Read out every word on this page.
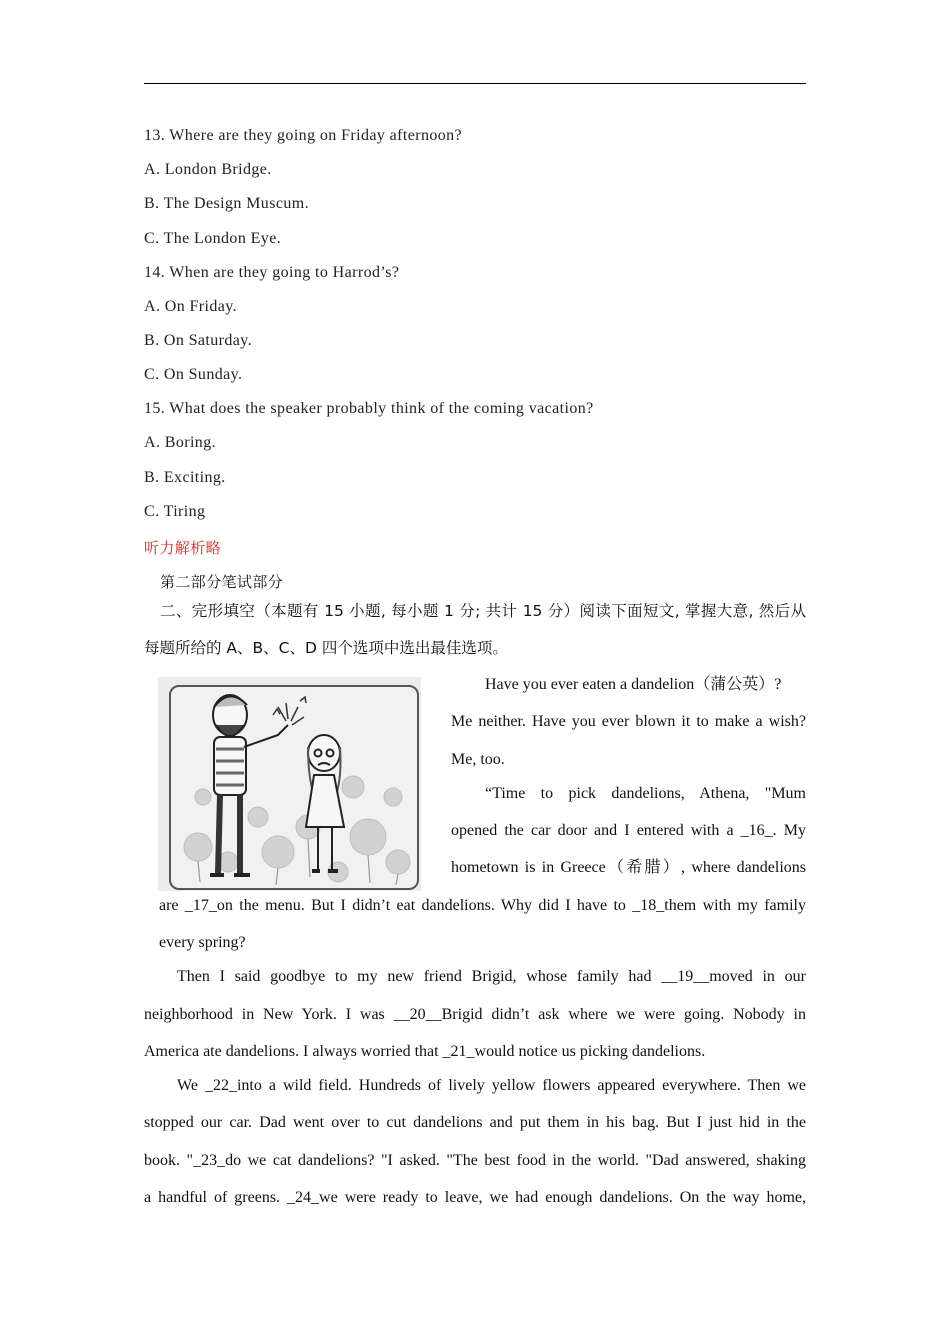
13. Where are they going on Friday afternoon?
A. London Bridge.
B. The Design Muscum.
C. The London Eye.
14. When are they going to Harrod’s?
A. On Friday.
B. On Saturday.
C. On Sunday.
15. What does the speaker probably think of the coming vacation?
A. Boring.
B. Exciting.
C. Tiring
听力解析略
第二部分笔试部分
二、完形填空（本题有 15 小题, 每小题 1 分; 共计 15 分）阅读下面短文, 掌握大意, 然后从
每题所给的 A、B、C、D 四个选项中选出最佳选项。
Have you ever eaten a dandelion（蒲公英）?
Me neither. Have you ever blown it to make a wish?
Me, too.
“Time to pick dandelions, Athena, "Mum
opened the car door and I entered with a _16_. My
hometown is in Greece（希腊）, where dandelions
are _17_on the menu. But I didn’t eat dandelions. Why did I have to _18_them with my family
every spring?
Then I said goodbye to my new friend Brigid, whose family had __19__moved in our
neighborhood in New York. I was __20__Brigid didn’t ask where we were going. Nobody in
America ate dandelions. I always worried that _21_would notice us picking dandelions.
We _22_into a wild field. Hundreds of lively yellow flowers appeared everywhere. Then we
stopped our car. Dad went over to cut dandelions and put them in his bag. But I just hid in the
book. "_23_do we cat dandelions? "I asked. "The best food in the world. "Dad answered, shaking
a handful of greens. _24_we were ready to leave, we had enough dandelions. On the way home,
